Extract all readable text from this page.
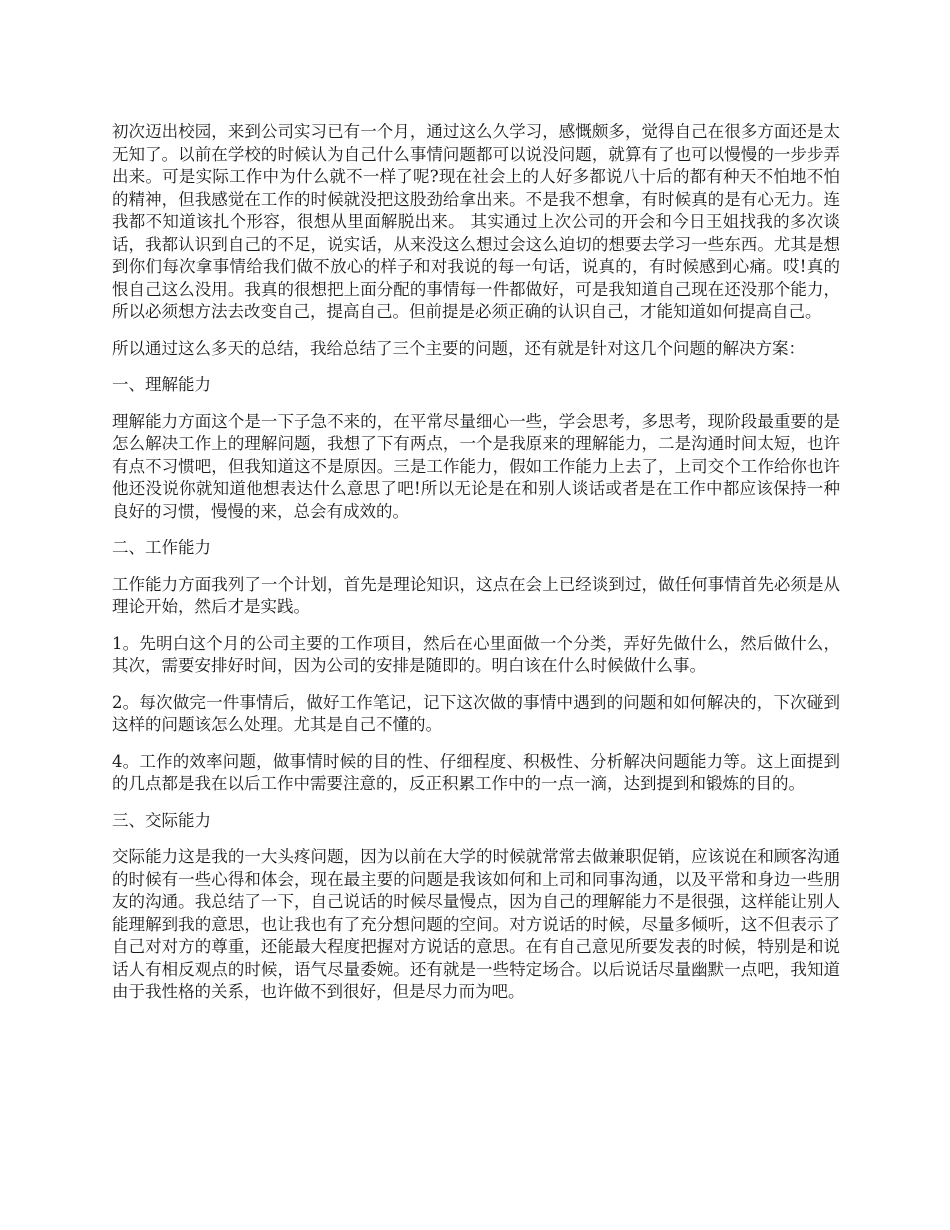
初次迈出校园，来到公司实习已有一个月，通过这么久学习，感慨颇多，觉得自己在很多方面还是太无知了。以前在学校的时候认为自己什么事情问题都可以说没问题，就算有了也可以慢慢的一步步弄出来。可是实际工作中为什么就不一样了呢?现在社会上的人好多都说八十后的都有种天不怕地不怕的精神，但我感觉在工作的时候就没把这股劲给拿出来。不是我不想拿，有时候真的是有心无力。连我都不知道该扎个形容，很想从里面解脱出来。 其实通过上次公司的开会和今日王姐找我的多次谈话，我都认识到自己的不足，说实话，从来没这么想过会这么迫切的想要去学习一些东西。尤其是想到你们每次拿事情给我们做不放心的样子和对我说的每一句话，说真的，有时候感到心痛。哎!真的恨自己这么没用。我真的很想把上面分配的事情每一件都做好，可是我知道自己现在还没那个能力，所以必须想方法去改变自己，提高自己。但前提是必须正确的认识自己，才能知道如何提高自己。

所以通过这么多天的总结，我给总结了三个主要的问题，还有就是针对这几个问题的解决方案：

一、理解能力

理解能力方面这个是一下子急不来的，在平常尽量细心一些，学会思考，多思考，现阶段最重要的是怎么解决工作上的理解问题，我想了下有两点，一个是我原来的理解能力，二是沟通时间太短，也许有点不习惯吧，但我知道这不是原因。三是工作能力，假如工作能力上去了，上司交个工作给你也许他还没说你就知道他想表达什么意思了吧!所以无论是在和别人谈话或者是在工作中都应该保持一种良好的习惯，慢慢的来，总会有成效的。

二、工作能力

工作能力方面我列了一个计划，首先是理论知识，这点在会上已经谈到过，做任何事情首先必须是从理论开始，然后才是实践。

1。先明白这个月的公司主要的工作项目，然后在心里面做一个分类，弄好先做什么，然后做什么，其次，需要安排好时间，因为公司的安排是随即的。明白该在什么时候做什么事。

2。每次做完一件事情后，做好工作笔记，记下这次做的事情中遇到的问题和如何解决的，下次碰到这样的问题该怎么处理。尤其是自己不懂的。

4。工作的效率问题，做事情时候的目的性、仔细程度、积极性、分析解决问题能力等。这上面提到的几点都是我在以后工作中需要注意的，反正积累工作中的一点一滴，达到提到和锻炼的目的。

三、交际能力

交际能力这是我的一大头疼问题，因为以前在大学的时候就常常去做兼职促销，应该说在和顾客沟通的时候有一些心得和体会，现在最主要的问题是我该如何和上司和同事沟通，以及平常和身边一些朋友的沟通。我总结了一下，自己说话的时候尽量慢点，因为自己的理解能力不是很强，这样能让别人能理解到我的意思，也让我也有了充分想问题的空间。对方说话的时候，尽量多倾听，这不但表示了自己对对方的尊重，还能最大程度把握对方说话的意思。在有自己意见所要发表的时候，特别是和说话人有相反观点的时候，语气尽量委婉。还有就是一些特定场合。以后说话尽量幽默一点吧，我知道由于我性格的关系，也许做不到很好，但是尽力而为吧。
